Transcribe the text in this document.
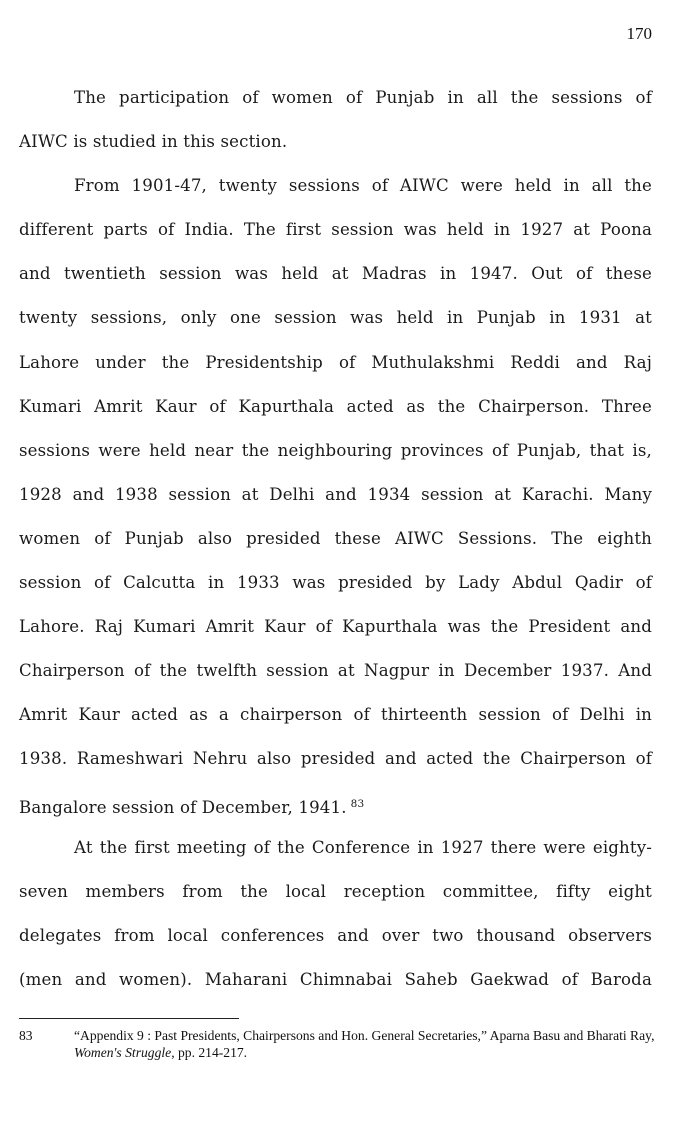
170
The participation of women of Punjab in all the sessions of
AIWC is studied in this section.
From 1901-47, twenty sessions of AIWC were held in all the
different parts of India. The first session was held in 1927 at Poona
and twentieth session was held at Madras in 1947. Out of these
twenty sessions, only one session was held in Punjab in 1931 at
Lahore under the Presidentship of Muthulakshmi Reddi and Raj
Kumari Amrit Kaur of Kapurthala acted as the Chairperson. Three
sessions were held near the neighbouring provinces of Punjab, that is,
1928 and 1938 session at Delhi and 1934 session at Karachi. Many
women of Punjab also presided these AIWC Sessions. The eighth
session of Calcutta in 1933 was presided by Lady Abdul Qadir of
Lahore. Raj Kumari Amrit Kaur of Kapurthala was the President and
Chairperson of the twelfth session at Nagpur in December 1937. And
Amrit Kaur acted as a chairperson of thirteenth session of Delhi in
1938. Rameshwari Nehru also presided and acted the Chairperson of
Bangalore session of December, 1941. $^{83}$
At the first meeting of the Conference in 1927 there were eighty-
seven members from the local reception committee, fifty eight
delegates from local conferences and over two thousand observers
(men and women). Maharani Chimnabai Saheb Gaekwad of Baroda
83	“Appendix 9 : Past Presidents, Chairpersons and Hon. General Secretaries,” Aparna Basu and Bharati Ray, Women's Struggle, pp. 214-217.
